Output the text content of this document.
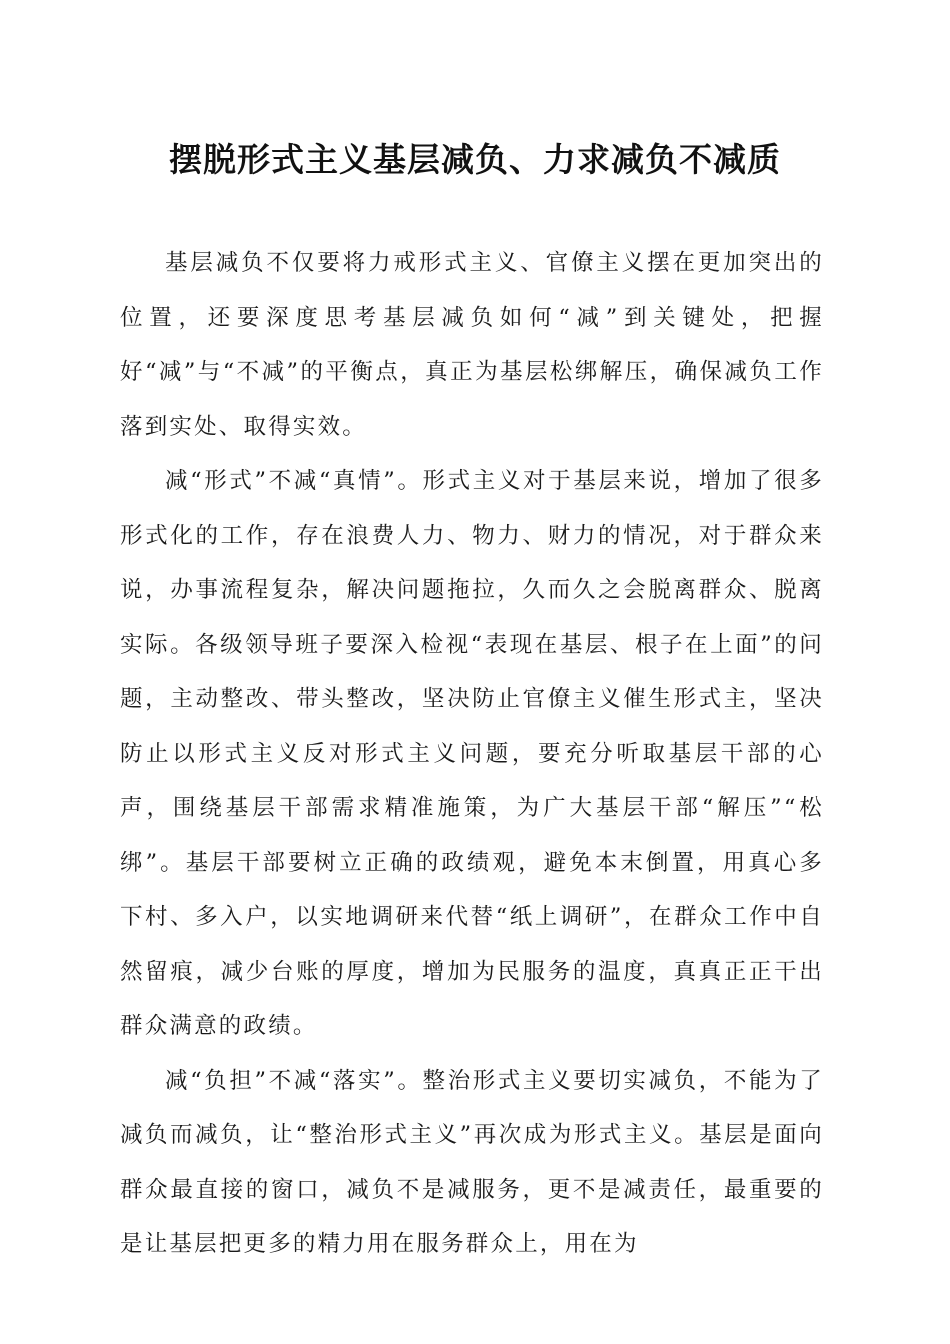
摆脱形式主义基层减负、力求减负不减质

基层减负不仅要将力戒形式主义、官僚主义摆在更加突出的位置，还要深度思考基层减负如何“减”到关键处，把握好“减”与“不减”的平衡点，真正为基层松绑解压，确保减负工作落到实处、取得实效。

减“形式”不减“真情”。形式主义对于基层来说，增加了很多形式化的工作，存在浪费人力、物力、财力的情况，对于群众来说，办事流程复杂，解决问题拖拉，久而久之会脱离群众、脱离实际。各级领导班子要深入检视“表现在基层、根子在上面”的问题，主动整改、带头整改，坚决防止官僚主义催生形式主，坚决防止以形式主义反对形式主义问题，要充分听取基层干部的心声，围绕基层干部需求精准施策，为广大基层干部“解压”“松绑”。基层干部要树立正确的政绩观，避免本末倒置，用真心多下村、多入户，以实地调研来代替“纸上调研”，在群众工作中自然留痕，减少台账的厚度，增加为民服务的温度，真真正正干出群众满意的政绩。

减“负担”不减“落实”。整治形式主义要切实减负，不能为了减负而减负，让“整治形式主义”再次成为形式主义。基层是面向群众最直接的窗口，减负不是减服务，更不是减责任，最重要的是让基层把更多的精力用在服务群众上，用在为
